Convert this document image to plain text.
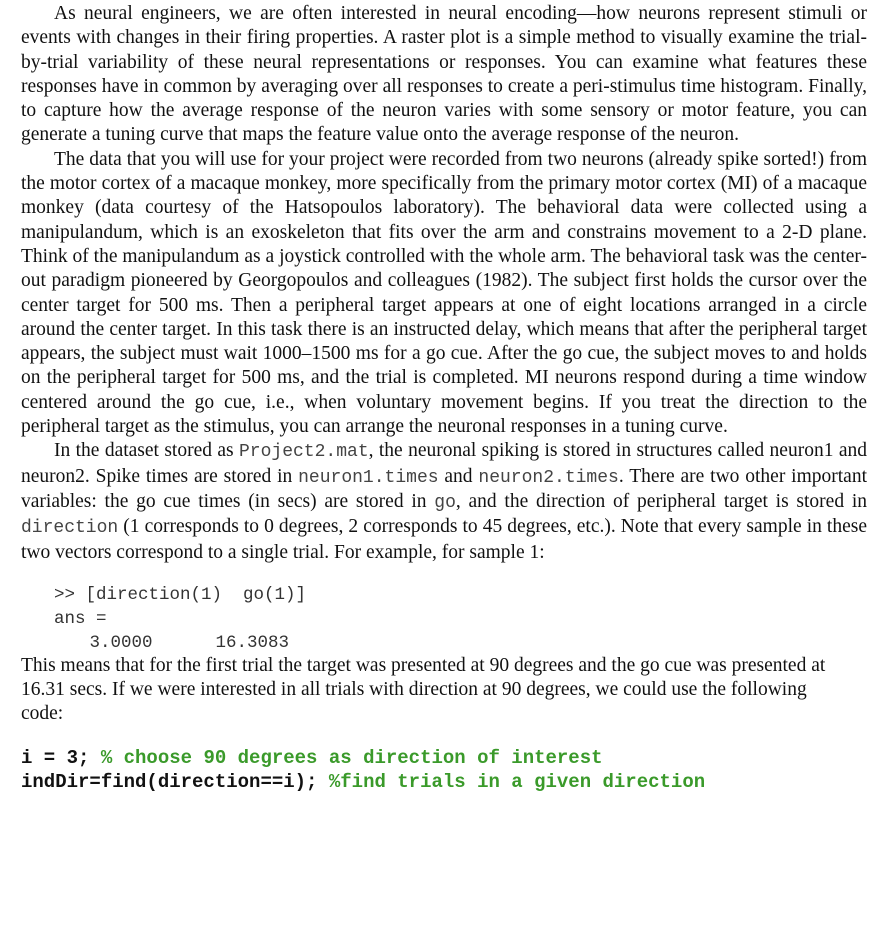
As neural engineers, we are often interested in neural encoding—how neurons represent stimuli or events with changes in their firing properties. A raster plot is a simple method to visually examine the trial-by-trial variability of these neural representations or responses. You can examine what features these responses have in common by averaging over all responses to create a peri-stimulus time histogram. Finally, to capture how the average response of the neuron varies with some sensory or motor feature, you can generate a tuning curve that maps the feature value onto the average response of the neuron.

The data that you will use for your project were recorded from two neurons (already spike sorted!) from the motor cortex of a macaque monkey, more specifically from the primary motor cortex (MI) of a macaque monkey (data courtesy of the Hatsopoulos laboratory). The behavioral data were collected using a manipulandum, which is an exoskeleton that fits over the arm and constrains movement to a 2-D plane. Think of the manipulandum as a joystick controlled with the whole arm. The behavioral task was the center-out paradigm pioneered by Georgopoulos and colleagues (1982). The subject first holds the cursor over the center target for 500 ms. Then a peripheral target appears at one of eight locations arranged in a circle around the center target. In this task there is an instructed delay, which means that after the peripheral target appears, the subject must wait 1000–1500 ms for a go cue. After the go cue, the subject moves to and holds on the peripheral target for 500 ms, and the trial is completed. MI neurons respond during a time window centered around the go cue, i.e., when voluntary movement begins. If you treat the direction to the peripheral target as the stimulus, you can arrange the neuronal responses in a tuning curve.

In the dataset stored as Project2.mat, the neuronal spiking is stored in structures called neuron1 and neuron2. Spike times are stored in neuron1.times and neuron2.times. There are two other important variables: the go cue times (in secs) are stored in go, and the direction of peripheral target is stored in direction (1 corresponds to 0 degrees, 2 corresponds to 45 degrees, etc.). Note that every sample in these two vectors correspond to a single trial. For example, for sample 1:

>> [direction(1)  go(1)]
ans =
3.0000      16.3083

This means that for the first trial the target was presented at 90 degrees and the go cue was presented at 16.31 secs. If we were interested in all trials with direction at 90 degrees, we could use the following code:

i = 3; % choose 90 degrees as direction of interest
indDir=find(direction==i); %find trials in a given direction
